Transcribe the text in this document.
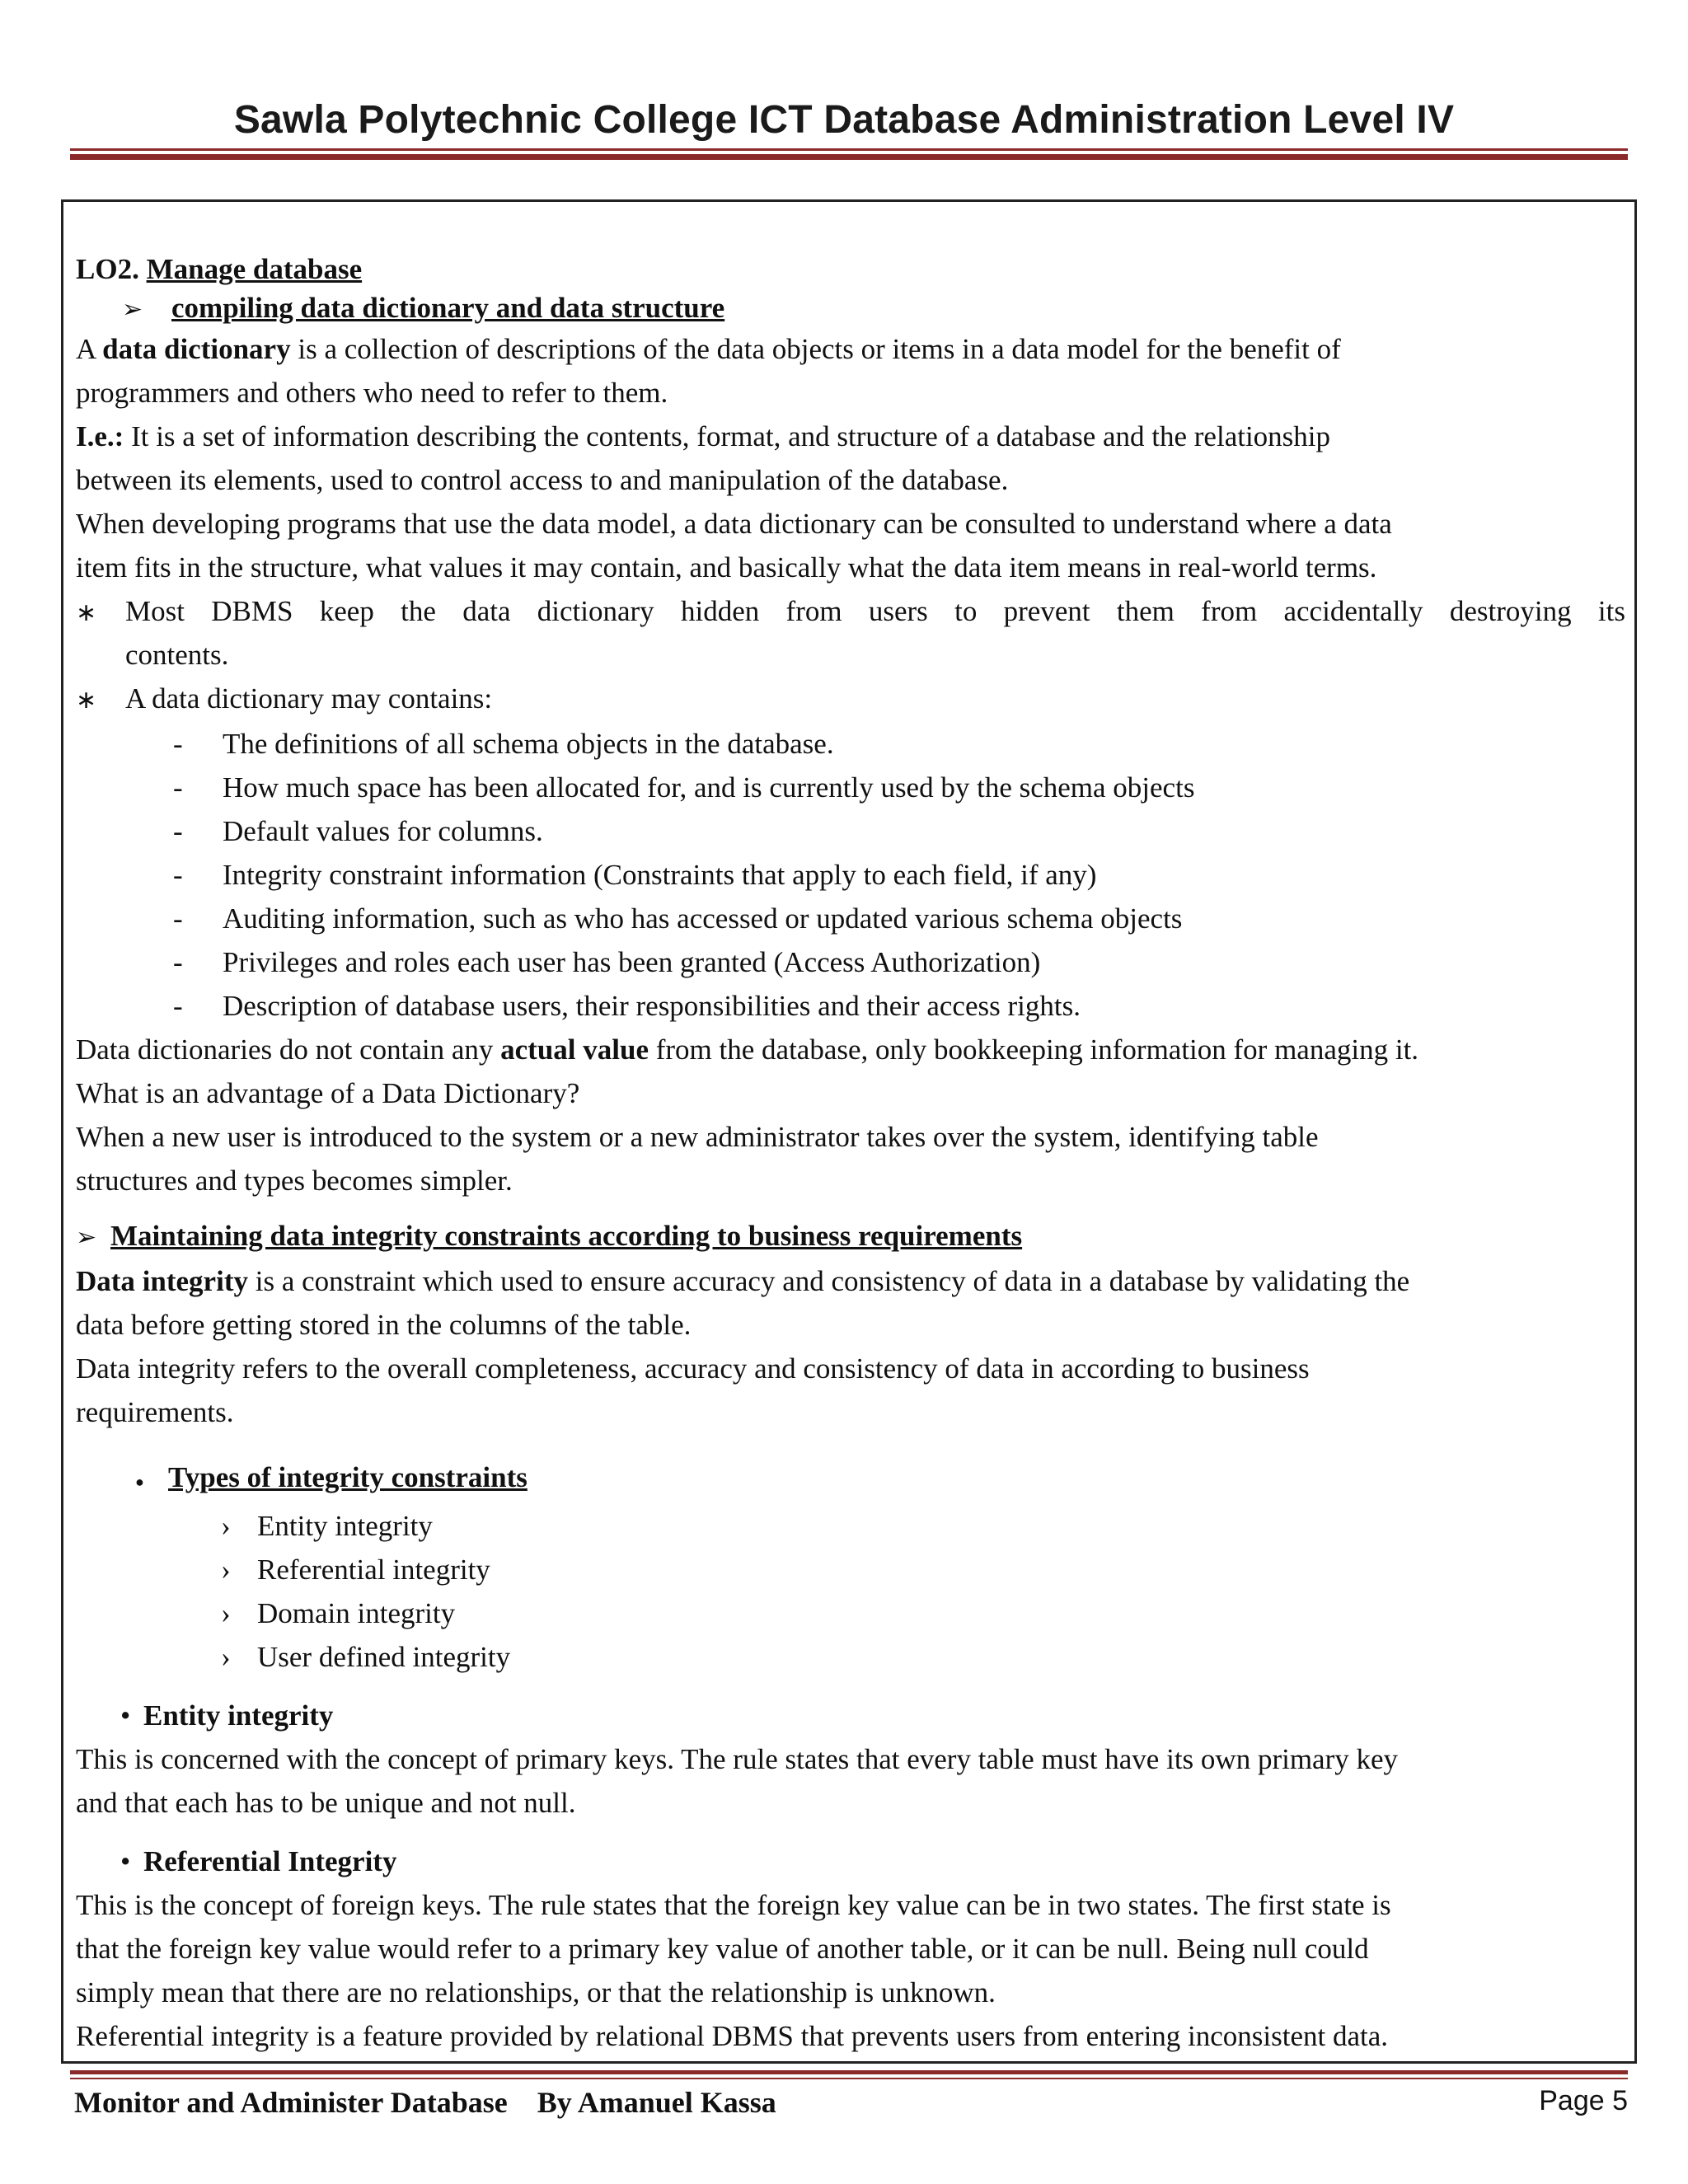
Sawla Polytechnic College ICT Database Administration Level IV

LO2. Manage database

➢ compiling data dictionary and data structure

A data dictionary is a collection of descriptions of the data objects or items in a data model for the benefit of

programmers and others who need to refer to them.

I.e.: It is a set of information describing the contents, format, and structure of a database and the relationship

between its elements, used to control access to and manipulation of the database.

When developing programs that use the data model, a data dictionary can be consulted to understand where a data

item fits in the structure, what values it may contain, and basically what the data item means in real-world terms.

∗ Most DBMS keep the data dictionary hidden from users to prevent them from accidentally destroying its
contents.
∗ A data dictionary may contains:
-	The definitions of all schema objects in the database.
-	How much space has been allocated for, and is currently used by the schema objects
-	Default values for columns.
-	Integrity constraint information (Constraints that apply to each field, if any)
-	Auditing information, such as who has accessed or updated various schema objects
-	Privileges and roles each user has been granted (Access Authorization)
-	Description of database users, their responsibilities and their access rights.

Data dictionaries do not contain any actual value from the database, only bookkeeping information for managing it.

What is an advantage of a Data Dictionary?

When a new user is introduced to the system or a new administrator takes over the system, identifying table

structures and types becomes simpler.

➢ Maintaining data integrity constraints according to business requirements

Data integrity is a constraint which used to ensure accuracy and consistency of data in a database by validating the

data before getting stored in the columns of the table.

Data integrity refers to the overall completeness, accuracy and consistency of data in according to business

requirements.

● Types of integrity constraints
› Entity integrity
› Referential integrity
› Domain integrity
› User defined integrity
• Entity integrity

This is concerned with the concept of primary keys. The rule states that every table must have its own primary key

and that each has to be unique and not null.

• Referential Integrity

This is the concept of foreign keys. The rule states that the foreign key value can be in two states. The first state is

that the foreign key value would refer to a primary key value of another table, or it can be null. Being null could

simply mean that there are no relationships, or that the relationship is unknown.

Referential integrity is a feature provided by relational DBMS that prevents users from entering inconsistent data.

Monitor and Administer Database    By Amanuel Kassa	Page 5
